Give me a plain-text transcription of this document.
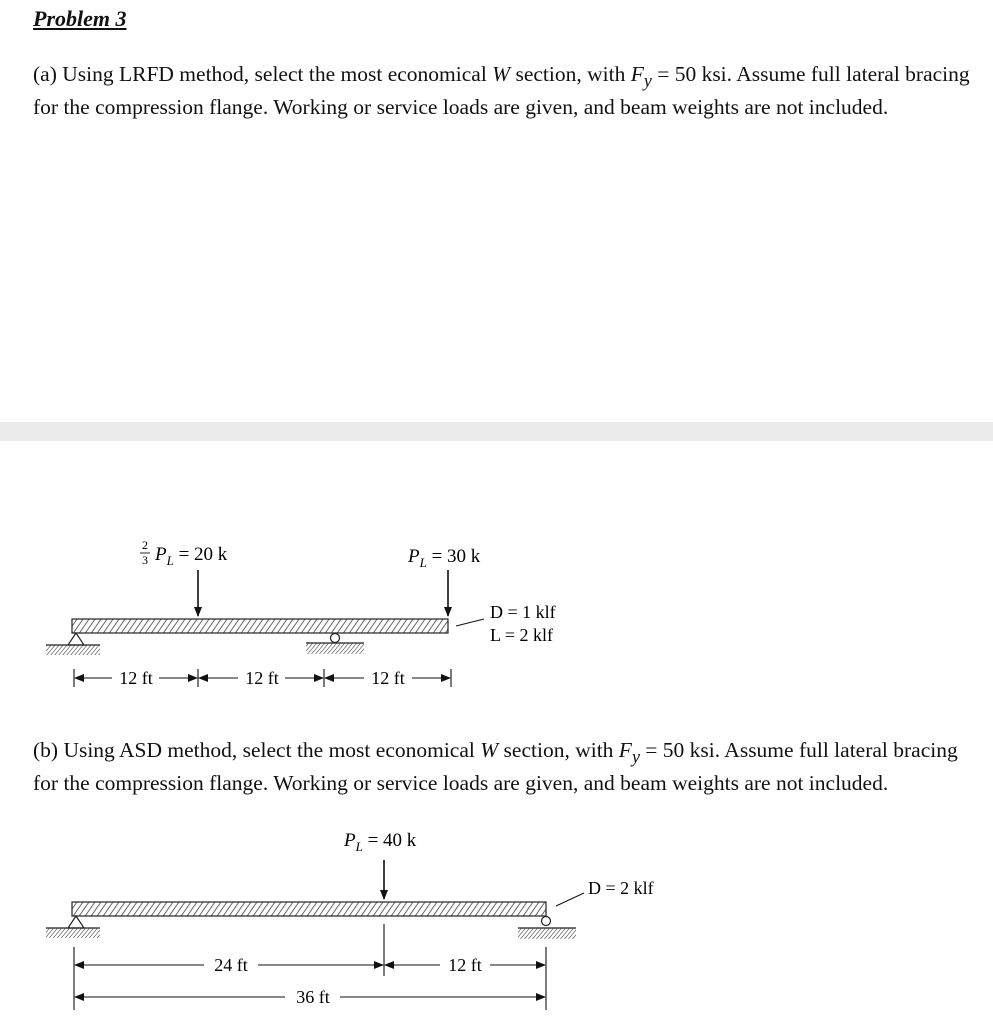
Problem 3
(a) Using LRFD method, select the most economical W section, with $F_y = 50$ ksi. Assume full lateral bracing for the compression flange. Working or service loads are given, and beam weights are not included.
2
3 $P_L = 20$ k	$P_L = 30$ k
D = 1 klf
L = 2 klf
12 ft	12 ft	12 ft
$P_L = 40$ k
D = 2 klf
24 ft	12 ft
36 ft
(b) Using ASD method, select the most economical W section, with $F_y = 50$ ksi. Assume full lateral bracing for the compression flange. Working or service loads are given, and beam weights are not included.
